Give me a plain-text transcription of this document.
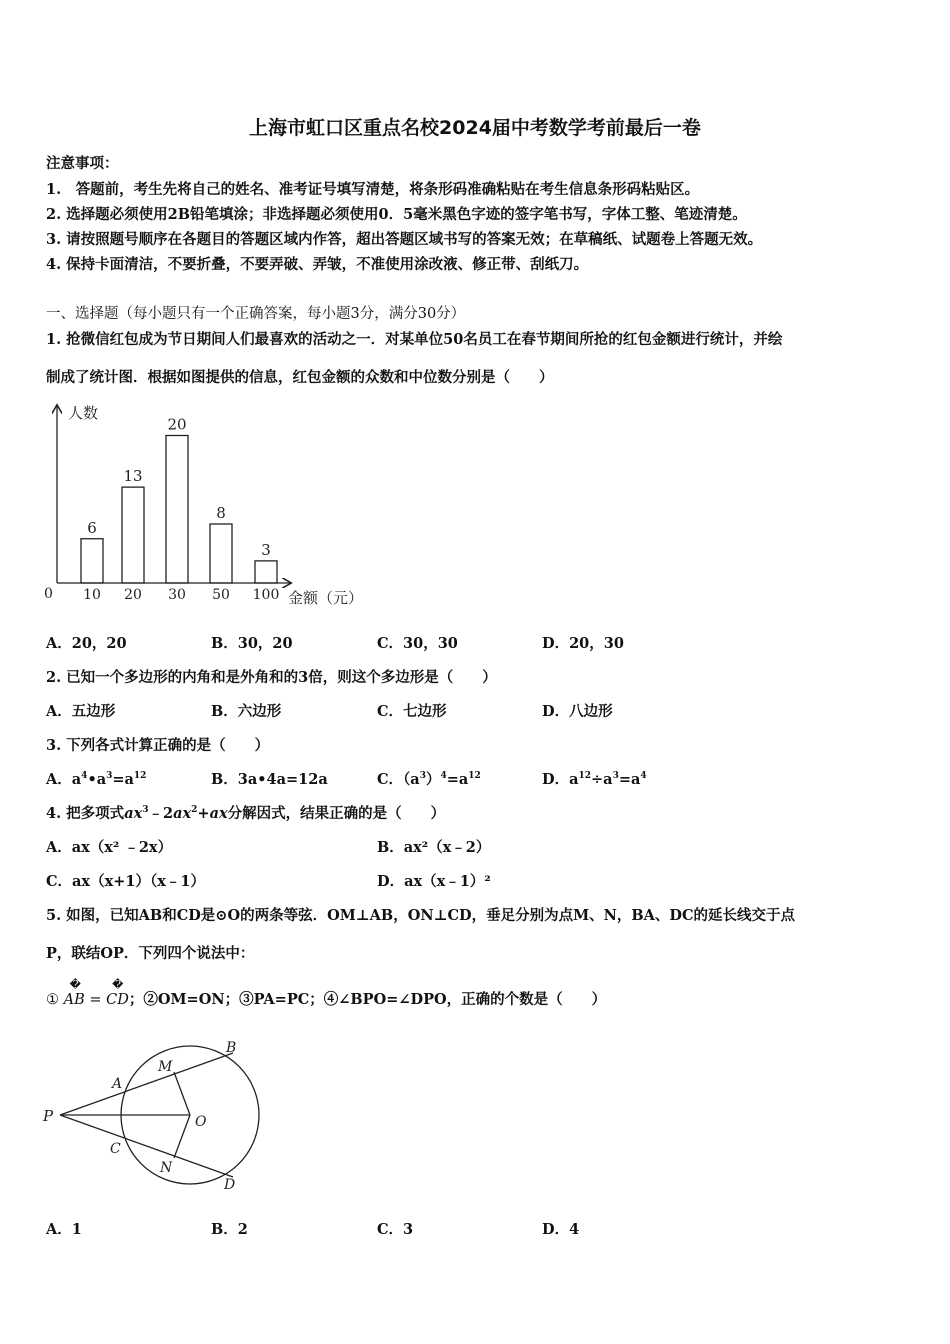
上海市虹口区重点名校2024届中考数学考前最后一卷
注意事项：
1.　答题前，考生先将自己的姓名、准考证号填写清楚，将条形码准确粘贴在考生信息条形码粘贴区。
2. 选择题必须使用2B铅笔填涂；非选择题必须使用0．5毫米黑色字迹的签字笔书写，字体工整、笔迹清楚。
3. 请按照题号顺序在各题目的答题区域内作答，超出答题区域书写的答案无效；在草稿纸、试题卷上答题无效。
4. 保持卡面清洁，不要折叠，不要弄破、弄皱，不准使用涂改液、修正带、刮纸刀。
一、选择题（每小题只有一个正确答案，每小题3分，满分30分）
1. 抢微信红包成为节日期间人们最喜欢的活动之一．对某单位50名员工在春节期间所抢的红包金额进行统计，并绘
制成了统计图．根据如图提供的信息，红包金额的众数和中位数分别是（　　）
人数
金额（元）
0
6
10
13
20
20
30
8
50
3
100
A．20，20	B．30，20	C．30，30	D．20，30
2. 已知一个多边形的内角和是外角和的3倍，则这个多边形是（　　）
A．五边形	B．六边形	C．七边形	D．八边形
3. 下列各式计算正确的是（　　）
A．$a^4•a^3=a^{12}$	B．3a•4a=12a	C．$(a^3)^4=a^{12}$	D．$a^{12}\div a^3=a^4$
4. 把多项式$ax^3﹣2ax^2+ax$分解因式，结果正确的是（　　）
A．ax（x² ﹣2x）	B．ax²（x﹣2）
C．ax（x+1）（x﹣1）	D．ax（x﹣1）²
5. 如图，已知AB和CD是⊙O的两条等弦．OM⊥AB，ON⊥CD，垂足分别为点M、N，BA、DC的延长线交于点
P，联结OP．下列四个说法中：
①
�
AB =
�
CD；②OM=ON；③PA=PC；④∠BPO=∠DPO，正确的个数是（　　）
P
A
M
B
O
C
N
D
A．1	B．2	C．3	D．4
